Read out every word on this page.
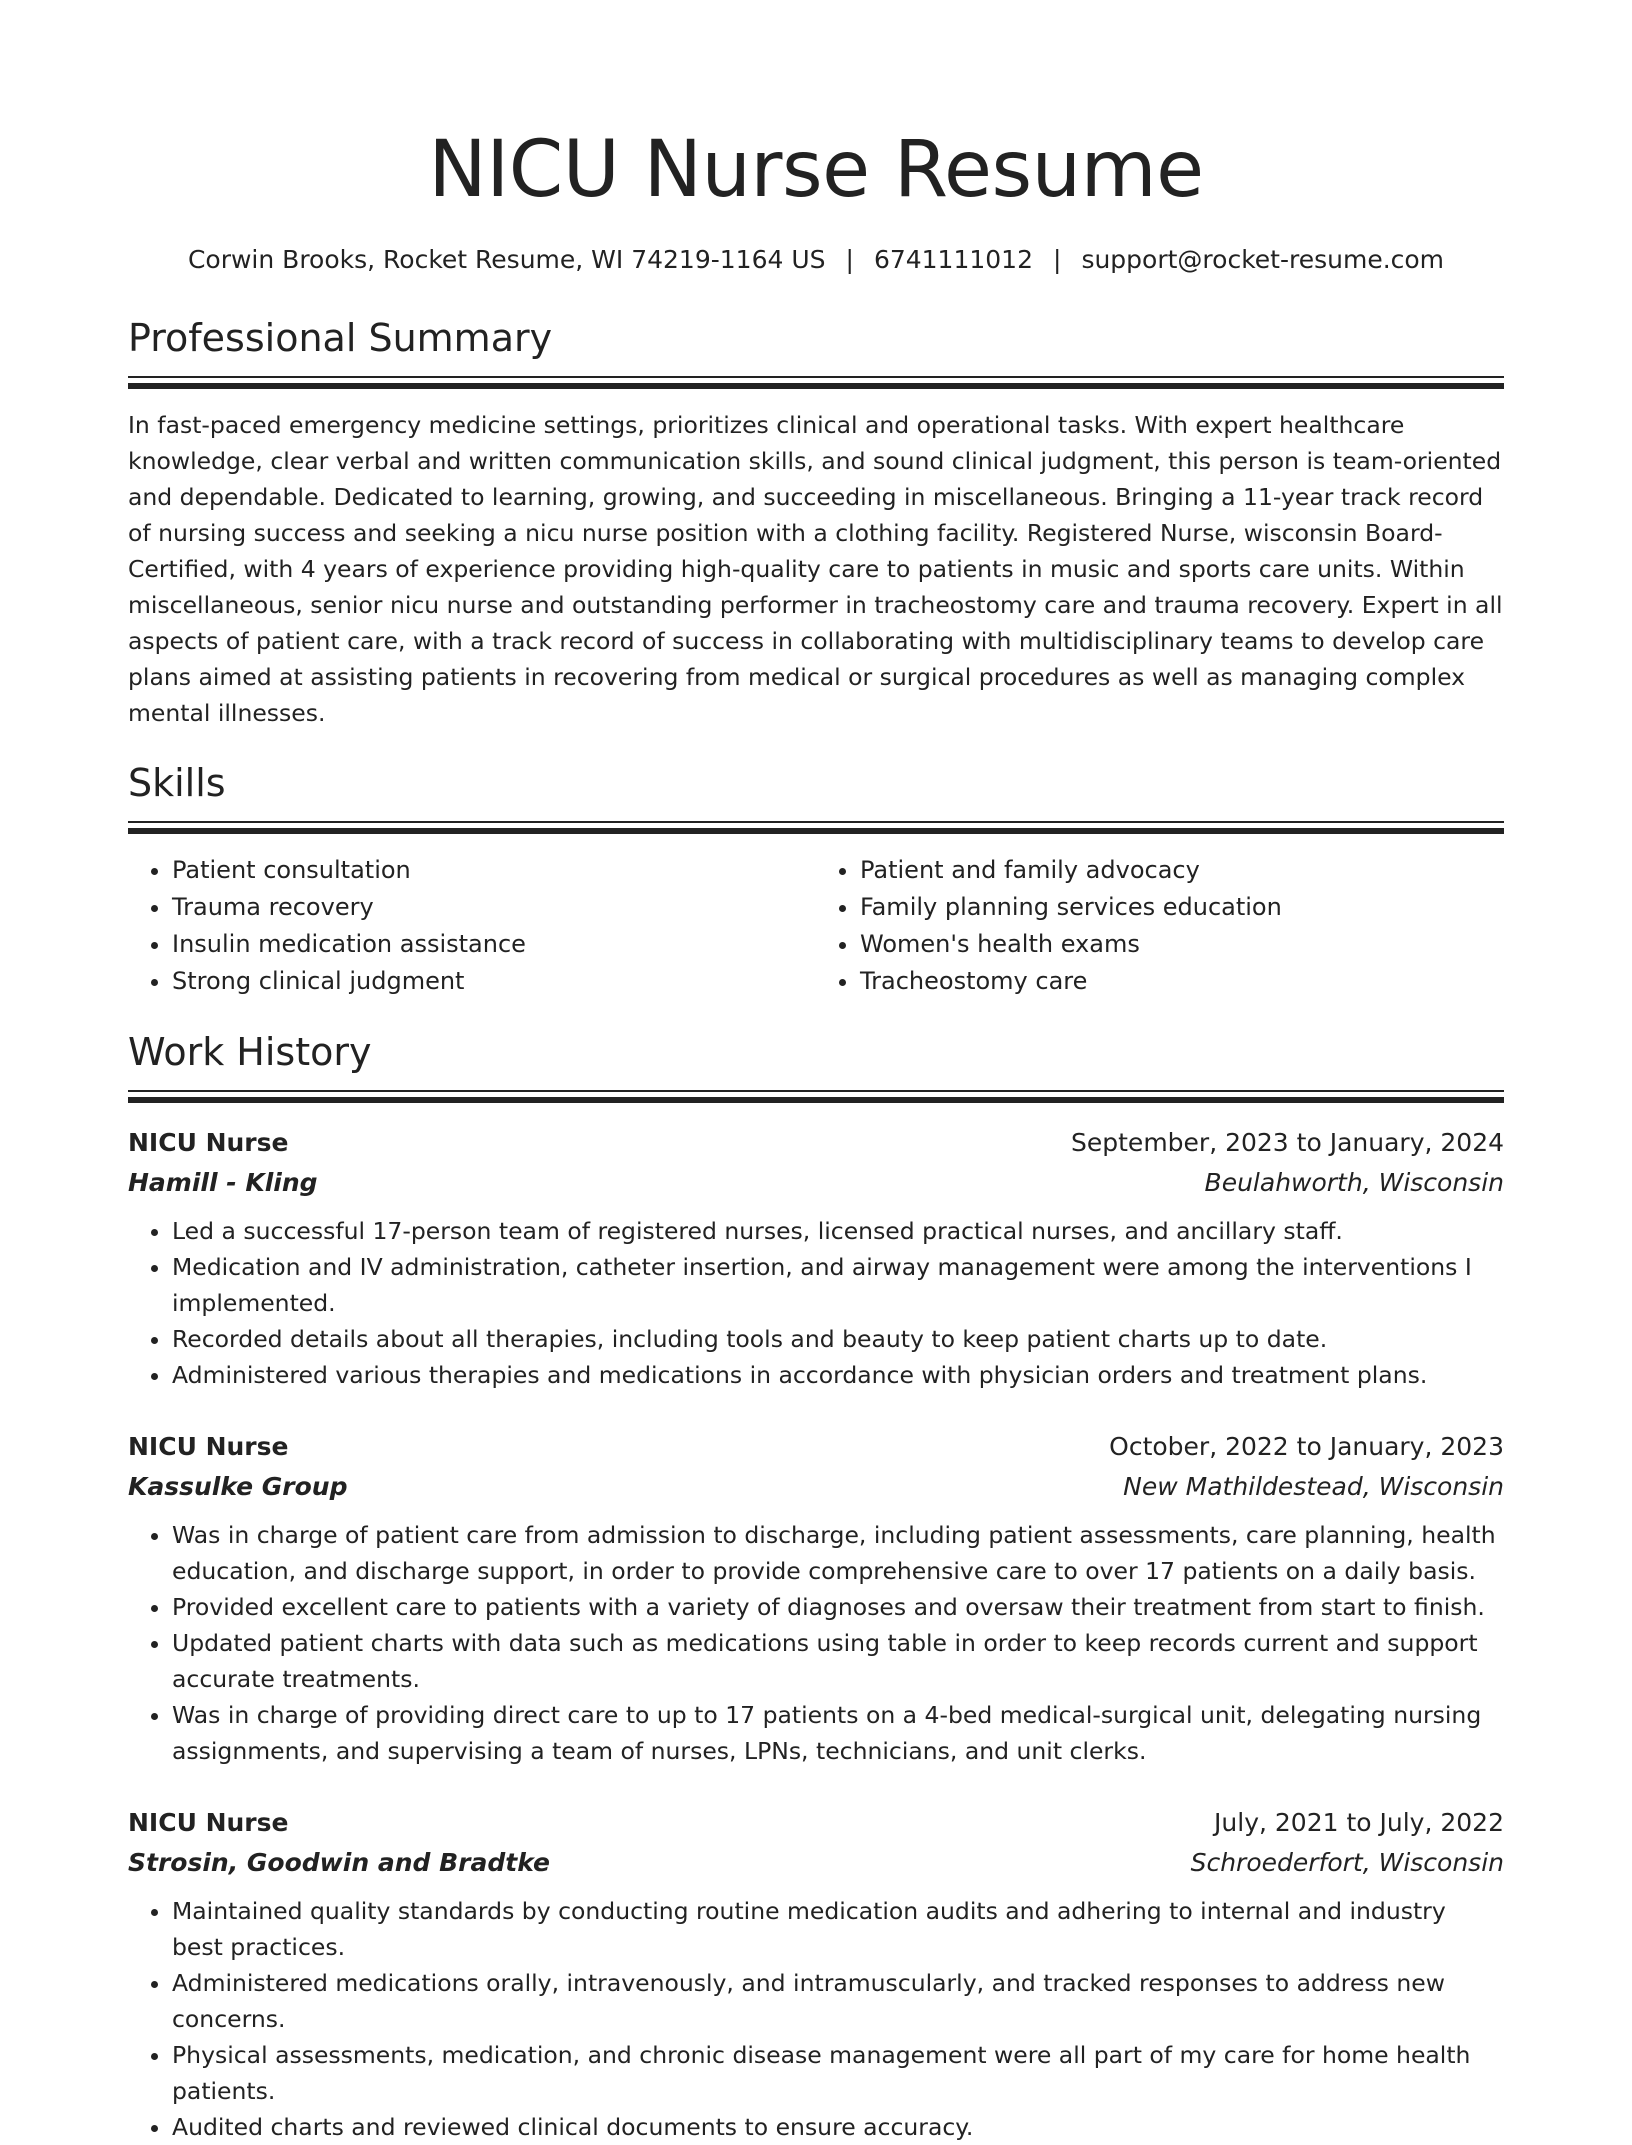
NICU Nurse Resume
Corwin Brooks, Rocket Resume, WI 74219-1164 US | 6741111012 | support@rocket-resume.com
Professional Summary

In fast-paced emergency medicine settings, prioritizes clinical and operational tasks. With expert healthcare knowledge, clear verbal and written communication skills, and sound clinical judgment, this person is team-oriented and dependable. Dedicated to learning, growing, and succeeding in miscellaneous. Bringing a 11-year track record of nursing success and seeking a nicu nurse position with a clothing facility. Registered Nurse, wisconsin Board-Certified, with 4 years of experience providing high-quality care to patients in music and sports care units. Within miscellaneous, senior nicu nurse and outstanding performer in tracheostomy care and trauma recovery. Expert in all aspects of patient care, with a track record of success in collaborating with multidisciplinary teams to develop care plans aimed at assisting patients in recovering from medical or surgical procedures as well as managing complex mental illnesses.

Skills
• Patient consultation
• Trauma recovery
• Insulin medication assistance
• Strong clinical judgment
• Patient and family advocacy
• Family planning services education
• Women's health exams
• Tracheostomy care
Work History
NICU Nurse	September, 2023 to January, 2024
Hamill - Kling	Beulahworth, Wisconsin
• Led a successful 17-person team of registered nurses, licensed practical nurses, and ancillary staff.
• Medication and IV administration, catheter insertion, and airway management were among the interventions I implemented.
• Recorded details about all therapies, including tools and beauty to keep patient charts up to date.
• Administered various therapies and medications in accordance with physician orders and treatment plans.
NICU Nurse	October, 2022 to January, 2023
Kassulke Group	New Mathildestead, Wisconsin
• Was in charge of patient care from admission to discharge, including patient assessments, care planning, health education, and discharge support, in order to provide comprehensive care to over 17 patients on a daily basis.
• Provided excellent care to patients with a variety of diagnoses and oversaw their treatment from start to finish.
• Updated patient charts with data such as medications using table in order to keep records current and support accurate treatments.
• Was in charge of providing direct care to up to 17 patients on a 4-bed medical-surgical unit, delegating nursing assignments, and supervising a team of nurses, LPNs, technicians, and unit clerks.
NICU Nurse	July, 2021 to July, 2022
Strosin, Goodwin and Bradtke	Schroederfort, Wisconsin
• Maintained quality standards by conducting routine medication audits and adhering to internal and industry best practices.
• Administered medications orally, intravenously, and intramuscularly, and tracked responses to address new concerns.
• Physical assessments, medication, and chronic disease management were all part of my care for home health patients.
• Audited charts and reviewed clinical documents to ensure accuracy.
